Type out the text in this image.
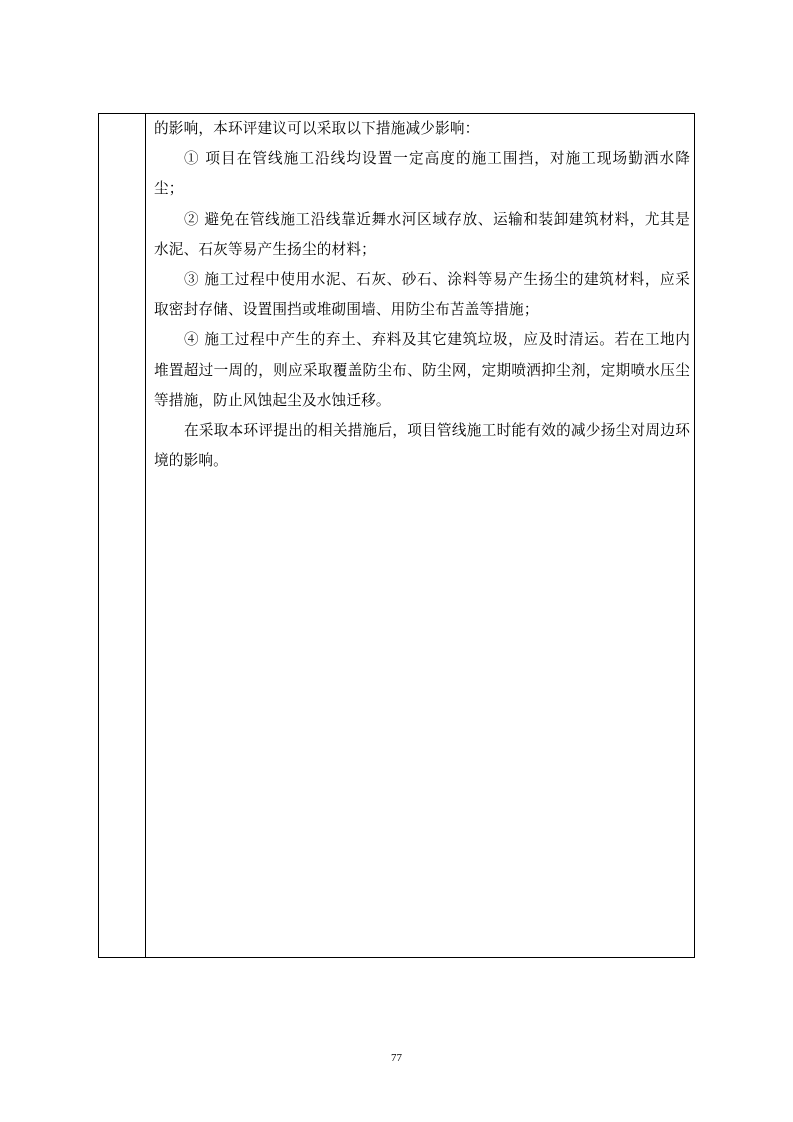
的影响，本环评建议可以采取以下措施减少影响：

① 项目在管线施工沿线均设置一定高度的施工围挡，对施工现场勤洒水降尘；

② 避免在管线施工沿线靠近舞水河区域存放、运输和装卸建筑材料，尤其是水泥、石灰等易产生扬尘的材料；

③ 施工过程中使用水泥、石灰、砂石、涂料等易产生扬尘的建筑材料，应采取密封存储、设置围挡或堆砌围墙、用防尘布苫盖等措施；

④ 施工过程中产生的弃土、弃料及其它建筑垃圾，应及时清运。若在工地内堆置超过一周的，则应采取覆盖防尘布、防尘网，定期喷洒抑尘剂，定期喷水压尘等措施，防止风蚀起尘及水蚀迁移。

在采取本环评提出的相关措施后，项目管线施工时能有效的减少扬尘对周边环境的影响。

77
